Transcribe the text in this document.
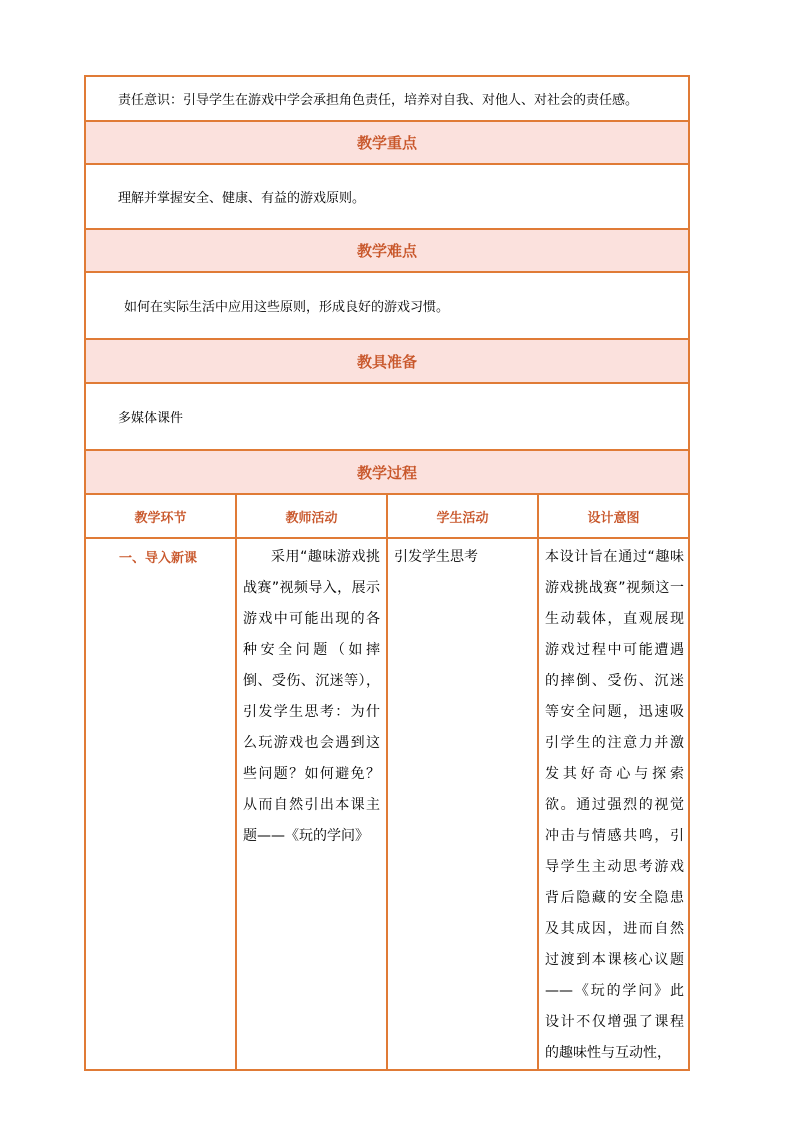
责任意识：引导学生在游戏中学会承担角色责任，培养对自我、对他人、对社会的责任感。			
教学重点			
理解并掌握安全、健康、有益的游戏原则。			
教学难点			
如何在实际生活中应用这些原则，形成良好的游戏习惯。			
教具准备			
多媒体课件			
教学过程			
教学环节	教师活动	学生活动	设计意图
一、导入新课	采用“趣味游戏挑战赛”视频导入，展示游戏中可能出现的各种安全问题（如摔倒、受伤、沉迷等），引发学生思考：为什么玩游戏也会遇到这些问题？如何避免？从而自然引出本课主题——《玩的学问》	引发学生思考	本设计旨在通过“趣味游戏挑战赛”视频这一生动载体，直观展现游戏过程中可能遭遇的摔倒、受伤、沉迷等安全问题，迅速吸引学生的注意力并激发其好奇心与探索欲。通过强烈的视觉冲击与情感共鸣，引导学生主动思考游戏背后隐藏的安全隐患及其成因，进而自然过渡到本课核心议题——《玩的学问》此设计不仅增强了课程的趣味性与互动性，
